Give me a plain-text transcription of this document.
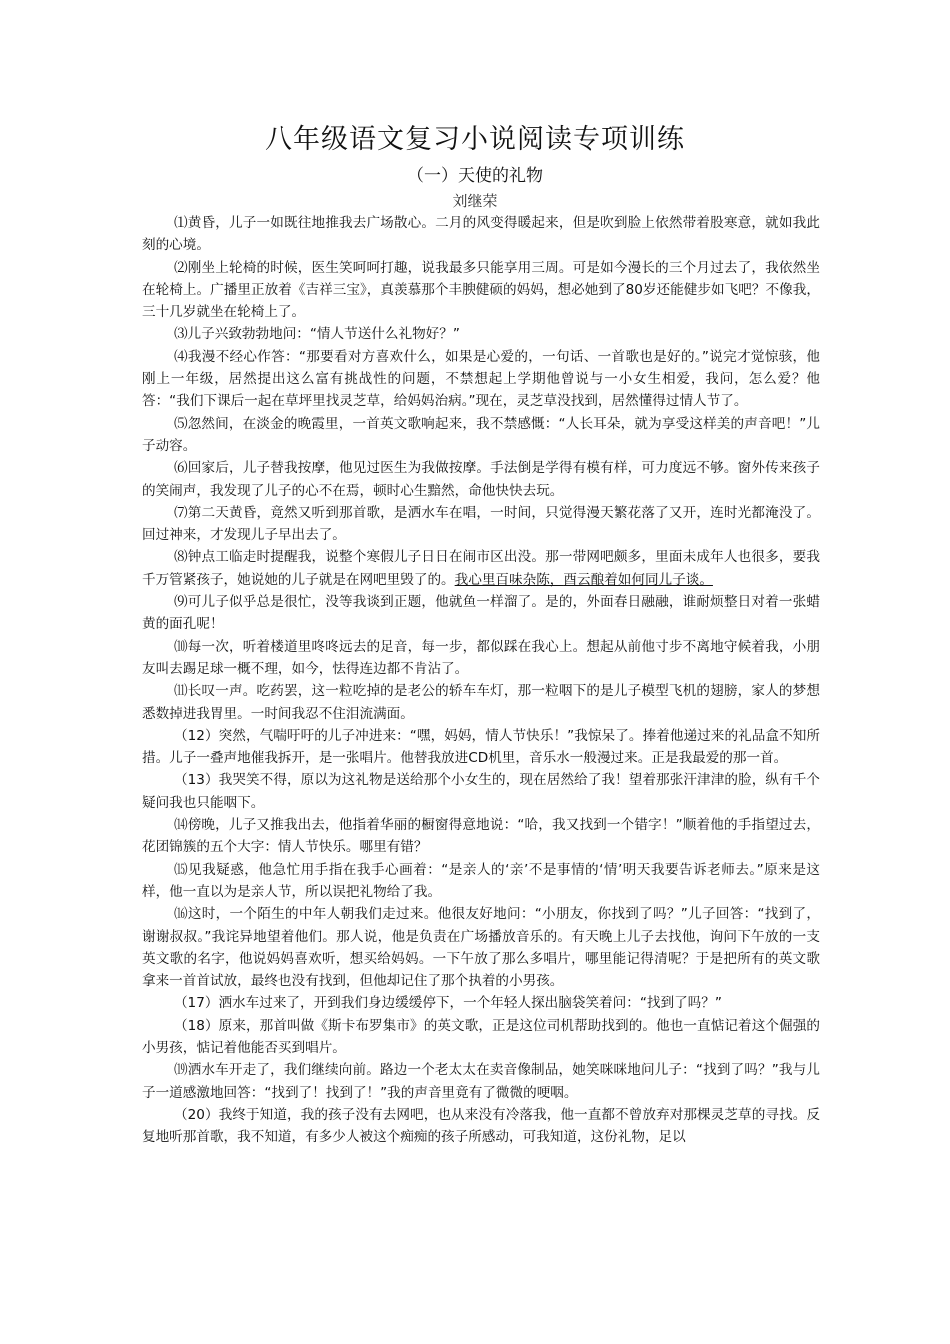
八年级语文复习小说阅读专项训练
（一）天使的礼物
刘继荣

⑴黄昏，儿子一如既往地推我去广场散心。二月的风变得暖起来，但是吹到脸上依然带着股寒意，就如我此刻的心境。

⑵刚坐上轮椅的时候，医生笑呵呵打趣，说我最多只能享用三周。可是如今漫长的三个月过去了，我依然坐在轮椅上。广播里正放着《吉祥三宝》，真羡慕那个丰腴健硕的妈妈，想必她到了80岁还能健步如飞吧？不像我，三十几岁就坐在轮椅上了。

⑶儿子兴致勃勃地问：“情人节送什么礼物好？”

⑷我漫不经心作答：“那要看对方喜欢什么，如果是心爱的，一句话、一首歌也是好的。”说完才觉惊骇，他刚上一年级，居然提出这么富有挑战性的问题，不禁想起上学期他曾说与一小女生相爱，我问，怎么爱？他答：“我们下课后一起在草坪里找灵芝草，给妈妈治病。”现在，灵芝草没找到，居然懂得过情人节了。

⑸忽然间，在淡金的晚霞里，一首英文歌响起来，我不禁感慨：“人长耳朵，就为享受这样美的声音吧！”儿子动容。

⑹回家后，儿子替我按摩，他见过医生为我做按摩。手法倒是学得有模有样，可力度远不够。窗外传来孩子的笑闹声，我发现了儿子的心不在焉，顿时心生黯然，命他快快去玩。

⑺第二天黄昏，竟然又听到那首歌，是洒水车在唱，一时间，只觉得漫天繁花落了又开，连时光都淹没了。回过神来，才发现儿子早出去了。

⑻钟点工临走时提醒我，说整个寒假儿子日日在闹市区出没。那一带网吧颇多，里面未成年人也很多，要我千万管紧孩子，她说她的儿子就是在网吧里毁了的。我心里百味杂陈，酉云酿着如何同儿子谈。

⑼可儿子似乎总是很忙，没等我谈到正题，他就鱼一样溜了。是的，外面春日融融，谁耐烦整日对着一张蜡黄的面孔呢！

⑽每一次，听着楼道里咚咚远去的足音，每一步，都似踩在我心上。想起从前他寸步不离地守候着我，小朋友叫去踢足球一概不理，如今，怯得连边都不肯沾了。

⑾长叹一声。吃药罢，这一粒吃掉的是老公的轿车车灯，那一粒咽下的是儿子模型飞机的翅膀，家人的梦想悉数掉进我胃里。一时间我忍不住泪流满面。

（12）突然，气喘吁吁的儿子冲进来：“嘿，妈妈，情人节快乐！”我惊呆了。捧着他递过来的礼品盒不知所措。儿子一叠声地催我拆开，是一张唱片。他替我放进CD机里，音乐水一般漫过来。正是我最爱的那一首。

（13）我哭笑不得，原以为这礼物是送给那个小女生的，现在居然给了我！望着那张汗津津的脸，纵有千个疑问我也只能咽下。

⒁傍晚，儿子又推我出去，他指着华丽的橱窗得意地说：“哈，我又找到一个错字！”顺着他的手指望过去，花团锦簇的五个大字：情人节快乐。哪里有错？

⒂见我疑惑，他急忙用手指在我手心画着：“是亲人的‘亲’不是事情的‘情’明天我要告诉老师去。”原来是这样，他一直以为是亲人节，所以误把礼物给了我。

⒃这时，一个陌生的中年人朝我们走过来。他很友好地问：“小朋友，你找到了吗？”儿子回答：“找到了，谢谢叔叔。”我诧异地望着他们。那人说，他是负责在广场播放音乐的。有天晚上儿子去找他，询问下午放的一支英文歌的名字，他说妈妈喜欢听，想买给妈妈。一下午放了那么多唱片，哪里能记得清呢？于是把所有的英文歌拿来一首首试放，最终也没有找到，但他却记住了那个执着的小男孩。

（17）洒水车过来了，开到我们身边缓缓停下，一个年轻人探出脑袋笑着问：“找到了吗？”

（18）原来，那首叫做《斯卡布罗集市》的英文歌，正是这位司机帮助找到的。他也一直惦记着这个倔强的小男孩，惦记着他能否买到唱片。

⒆洒水车开走了，我们继续向前。路边一个老太太在卖音像制品，她笑咪咪地问儿子：“找到了吗？”我与儿子一道感激地回答：“找到了！找到了！”我的声音里竟有了微微的哽咽。

（20）我终于知道，我的孩子没有去网吧，也从来没有冷落我，他一直都不曾放弃对那棵灵芝草的寻找。反复地听那首歌，我不知道，有多少人被这个痴痴的孩子所感动，可我知道，这份礼物，足以
